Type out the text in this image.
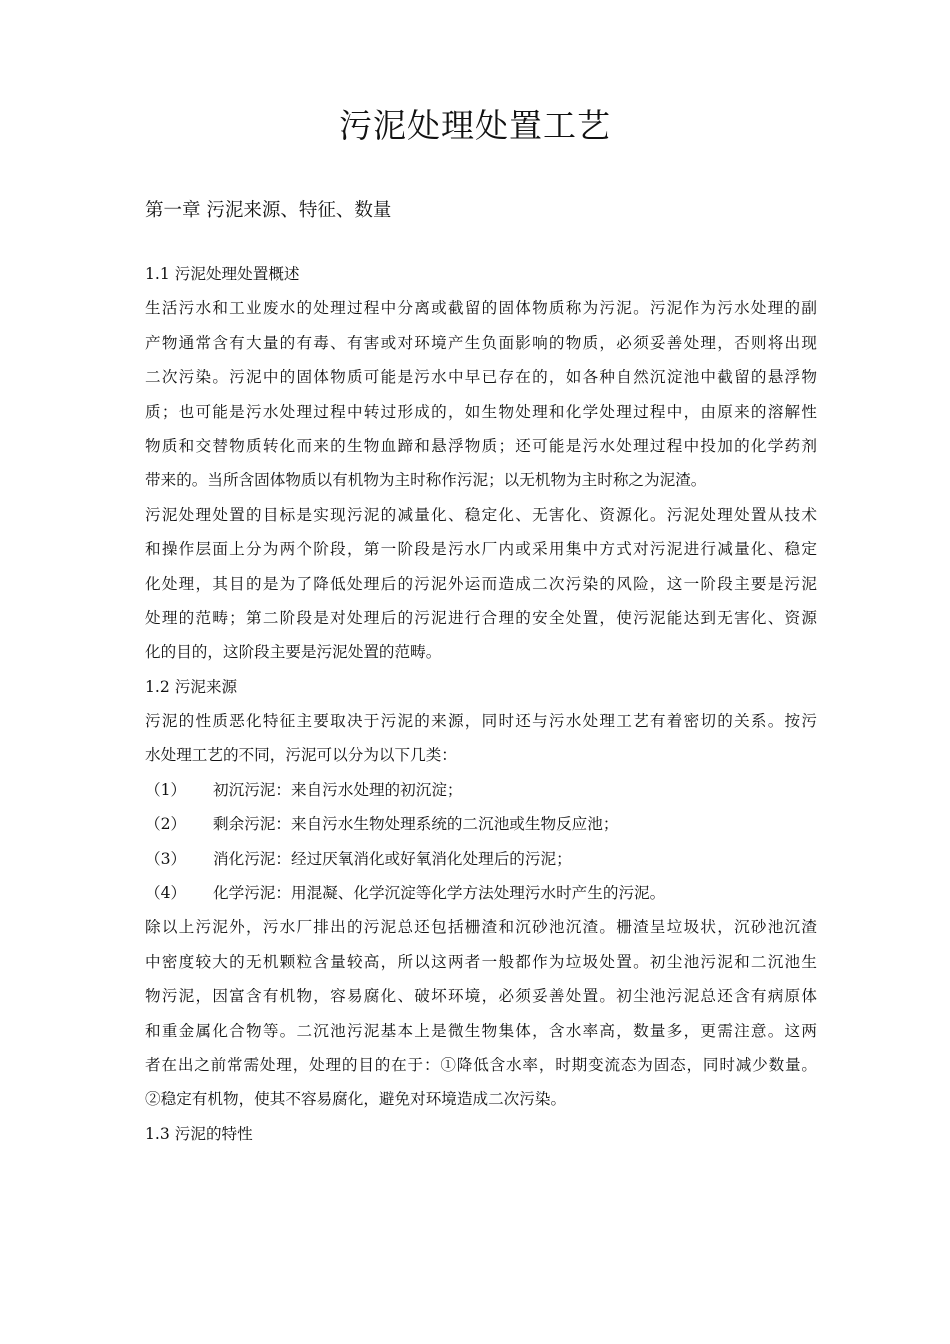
污泥处理处置工艺
第一章 污泥来源、特征、数量
1.1 污泥处理处置概述
生活污水和工业废水的处理过程中分离或截留的固体物质称为污泥。污泥作为污水处理的副
产物通常含有大量的有毒、有害或对环境产生负面影响的物质，必须妥善处理，否则将出现
二次污染。污泥中的固体物质可能是污水中早已存在的，如各种自然沉淀池中截留的悬浮物
质；也可能是污水处理过程中转过形成的，如生物处理和化学处理过程中，由原来的溶解性
物质和交替物质转化而来的生物血蹄和悬浮物质；还可能是污水处理过程中投加的化学药剂
带来的。当所含固体物质以有机物为主时称作污泥；以无机物为主时称之为泥渣。
污泥处理处置的目标是实现污泥的减量化、稳定化、无害化、资源化。污泥处理处置从技术
和操作层面上分为两个阶段，第一阶段是污水厂内或采用集中方式对污泥进行减量化、稳定
化处理，其目的是为了降低处理后的污泥外运而造成二次污染的风险，这一阶段主要是污泥
处理的范畴；第二阶段是对处理后的污泥进行合理的安全处置，使污泥能达到无害化、资源
化的目的，这阶段主要是污泥处置的范畴。
1.2 污泥来源
污泥的性质恶化特征主要取决于污泥的来源，同时还与污水处理工艺有着密切的关系。按污
水处理工艺的不同，污泥可以分为以下几类：
（1）	初沉污泥：来自污水处理的初沉淀；
（2）	剩余污泥：来自污水生物处理系统的二沉池或生物反应池；
（3）	消化污泥：经过厌氧消化或好氧消化处理后的污泥；
（4）	化学污泥：用混凝、化学沉淀等化学方法处理污水时产生的污泥。
除以上污泥外，污水厂排出的污泥总还包括栅渣和沉砂池沉渣。栅渣呈垃圾状，沉砂池沉渣
中密度较大的无机颗粒含量较高，所以这两者一般都作为垃圾处置。初尘池污泥和二沉池生
物污泥，因富含有机物，容易腐化、破坏环境，必须妥善处置。初尘池污泥总还含有病原体
和重金属化合物等。二沉池污泥基本上是微生物集体，含水率高，数量多，更需注意。这两
者在出之前常需处理，处理的目的在于：①降低含水率，时期变流态为固态，同时减少数量。
②稳定有机物，使其不容易腐化，避免对环境造成二次污染。
1.3 污泥的特性
